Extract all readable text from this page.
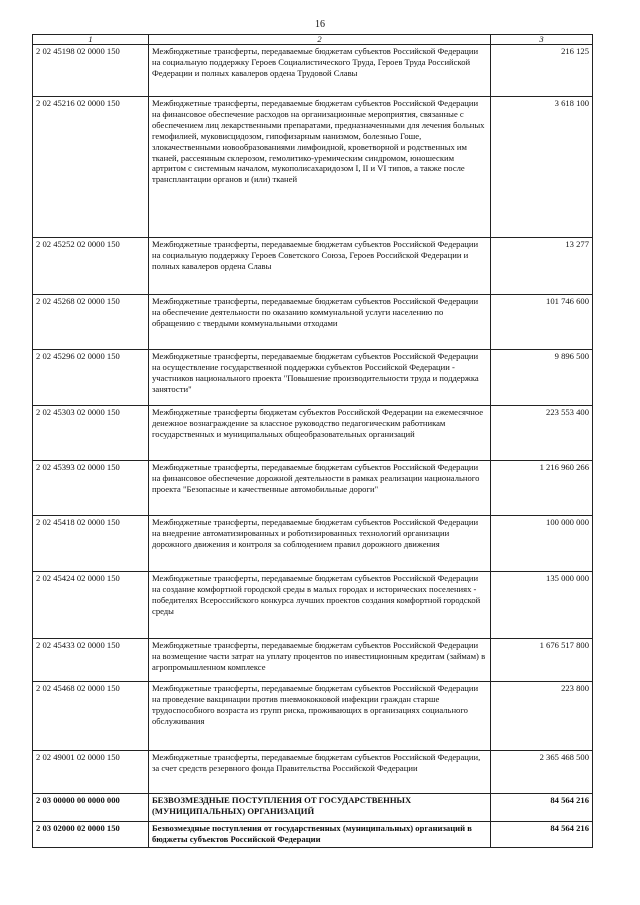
16
1	2	3
2 02 45198 02 0000 150	Межбюджетные трансферты, передаваемые бюджетам субъектов Российской Федерации на социальную поддержку Героев Социалистического Труда, Героев Труда Российской Федерации и полных кавалеров ордена Трудовой Славы	216 125
2 02 45216 02 0000 150	Межбюджетные трансферты, передаваемые бюджетам субъектов Российской Федерации на финансовое обеспечение расходов на организационные мероприятия, связанные с обеспечением лиц лекарственными препаратами, предназначенными для лечения больных гемофилией, муковисцидозом, гипофизарным нанизмом, болезнью Гоше, злокачественными новообразованиями лимфоидной, кроветворной и родственных им тканей, рассеянным склерозом, гемолитико-уремическим синдромом, юношеским артритом с системным началом, мукополисахаридозом I, II и VI типов, а также после трансплантации органов и (или) тканей	3 618 100
2 02 45252 02 0000 150	Межбюджетные трансферты, передаваемые бюджетам субъектов Российской Федерации на социальную поддержку Героев Советского Союза, Героев Российской Федерации и полных кавалеров ордена Славы	13 277
2 02 45268 02 0000 150	Межбюджетные трансферты, передаваемые бюджетам субъектов Российской Федерации на обеспечение деятельности по оказанию коммунальной услуги населению по обращению с твердыми коммунальными отходами	101 746 600
2 02 45296 02 0000 150	Межбюджетные трансферты, передаваемые бюджетам субъектов Российской Федерации на осуществление государственной поддержки субъектов Российской Федерации - участников национального проекта "Повышение производительности труда и поддержка занятости"	9 896 500
2 02 45303 02 0000 150	Межбюджетные трансферты бюджетам субъектов Российской Федерации на ежемесячное денежное вознаграждение за классное руководство педагогическим работникам государственных и муниципальных общеобразовательных организаций	223 553 400
2 02 45393 02 0000 150	Межбюджетные трансферты, передаваемые бюджетам субъектов Российской Федерации на финансовое обеспечение дорожной деятельности в рамках реализации национального проекта "Безопасные и качественные автомобильные дороги"	1 216 960 266
2 02 45418 02 0000 150	Межбюджетные трансферты, передаваемые бюджетам субъектов Российской Федерации на внедрение автоматизированных и роботизированных технологий организации дорожного движения и контроля за соблюдением правил дорожного движения	100 000 000
2 02 45424 02 0000 150	Межбюджетные трансферты, передаваемые бюджетам субъектов Российской Федерации на создание комфортной городской среды в малых городах и исторических поселениях - победителях Всероссийского конкурса лучших проектов создания комфортной городской среды	135 000 000
2 02 45433 02 0000 150	Межбюджетные трансферты, передаваемые бюджетам субъектов Российской Федерации на возмещение части затрат на уплату процентов по инвестиционным кредитам (займам) в агропромышленном комплексе	1 676 517 800
2 02 45468 02 0000 150	Межбюджетные трансферты, передаваемые бюджетам субъектов Российской Федерации на проведение вакцинации против пневмококковой инфекции граждан старше трудоспособного возраста из групп риска, проживающих в организациях социального обслуживания	223 800
2 02 49001 02 0000 150	Межбюджетные трансферты, передаваемые бюджетам субъектов Российской Федерации, за счет средств резервного фонда Правительства Российской Федерации	2 365 468 500
2 03 00000 00 0000 000	БЕЗВОЗМЕЗДНЫЕ ПОСТУПЛЕНИЯ ОТ ГОСУДАРСТВЕННЫХ (МУНИЦИПАЛЬНЫХ) ОРГАНИЗАЦИЙ	84 564 216
2 03 02000 02 0000 150	Безвозмездные поступления от государственных (муниципальных) организаций в бюджеты субъектов Российской Федерации	84 564 216
